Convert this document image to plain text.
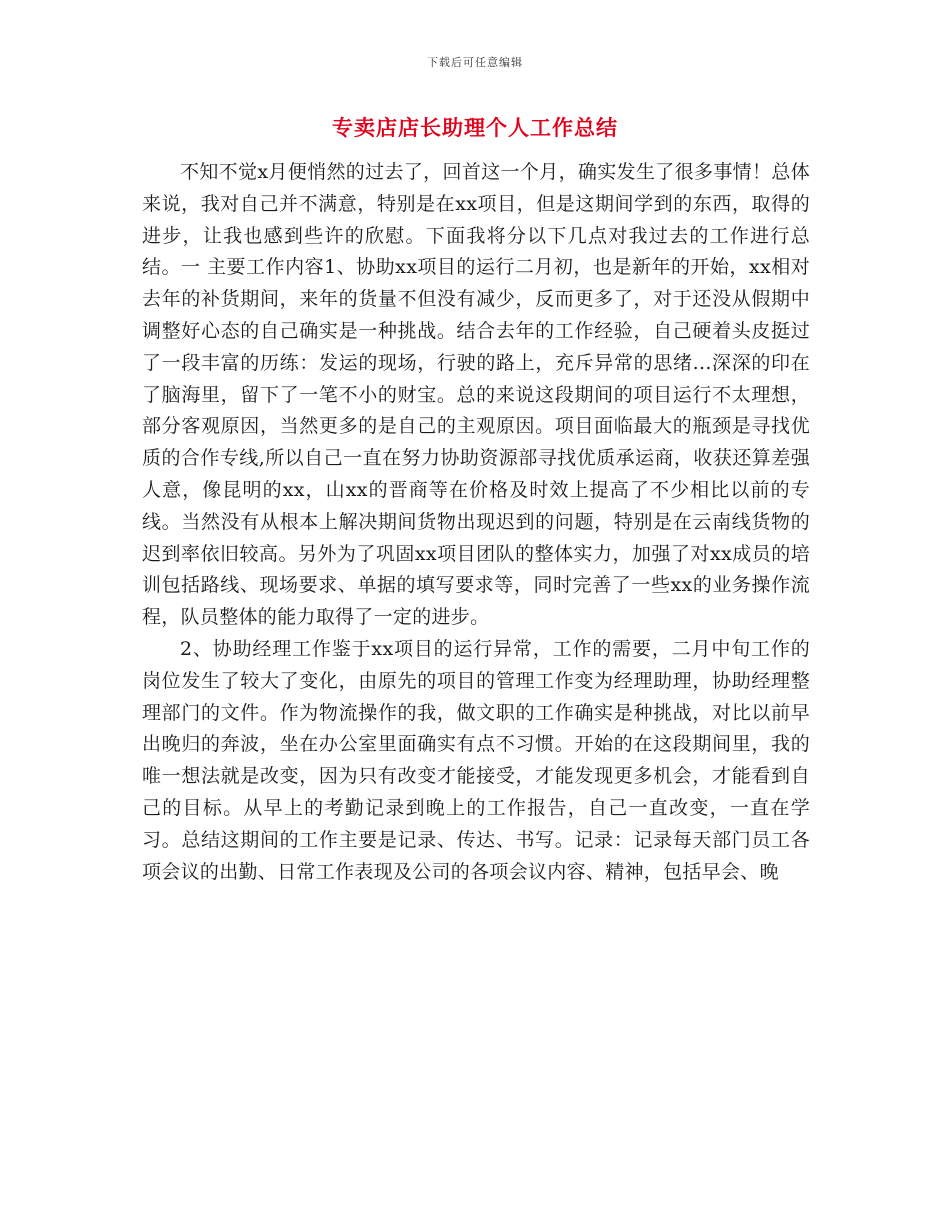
下载后可任意编辑
专卖店店长助理个人工作总结

不知不觉x月便悄然的过去了，回首这一个月，确实发生了很多事情！总体来说，我对自己并不满意，特别是在xx项目，但是这期间学到的东西，取得的进步，让我也感到些许的欣慰。下面我将分以下几点对我过去的工作进行总结。一 主要工作内容1、协助xx项目的运行二月初，也是新年的开始，xx相对去年的补货期间，来年的货量不但没有减少，反而更多了，对于还没从假期中调整好心态的自己确实是一种挑战。结合去年的工作经验，自己硬着头皮挺过了一段丰富的历练：发运的现场，行驶的路上，充斥异常的思绪...深深的印在了脑海里，留下了一笔不小的财宝。总的来说这段期间的项目运行不太理想，部分客观原因，当然更多的是自己的主观原因。项目面临最大的瓶颈是寻找优质的合作专线,所以自己一直在努力协助资源部寻找优质承运商，收获还算差强人意，像昆明的xx，山xx的晋商等在价格及时效上提高了不少相比以前的专线。当然没有从根本上解决期间货物出现迟到的问题，特别是在云南线货物的迟到率依旧较高。另外为了巩固xx项目团队的整体实力，加强了对xx成员的培训包括路线、现场要求、单据的填写要求等，同时完善了一些xx的业务操作流程，队员整体的能力取得了一定的进步。

2、协助经理工作鉴于xx项目的运行异常，工作的需要，二月中旬工作的岗位发生了较大了变化，由原先的项目的管理工作变为经理助理，协助经理整理部门的文件。作为物流操作的我，做文职的工作确实是种挑战，对比以前早出晚归的奔波，坐在办公室里面确实有点不习惯。开始的在这段期间里，我的唯一想法就是改变，因为只有改变才能接受，才能发现更多机会，才能看到自己的目标。从早上的考勤记录到晚上的工作报告，自己一直改变，一直在学习。总结这期间的工作主要是记录、传达、书写。记录：记录每天部门员工各项会议的出勤、日常工作表现及公司的各项会议内容、精神，包括早会、晚
